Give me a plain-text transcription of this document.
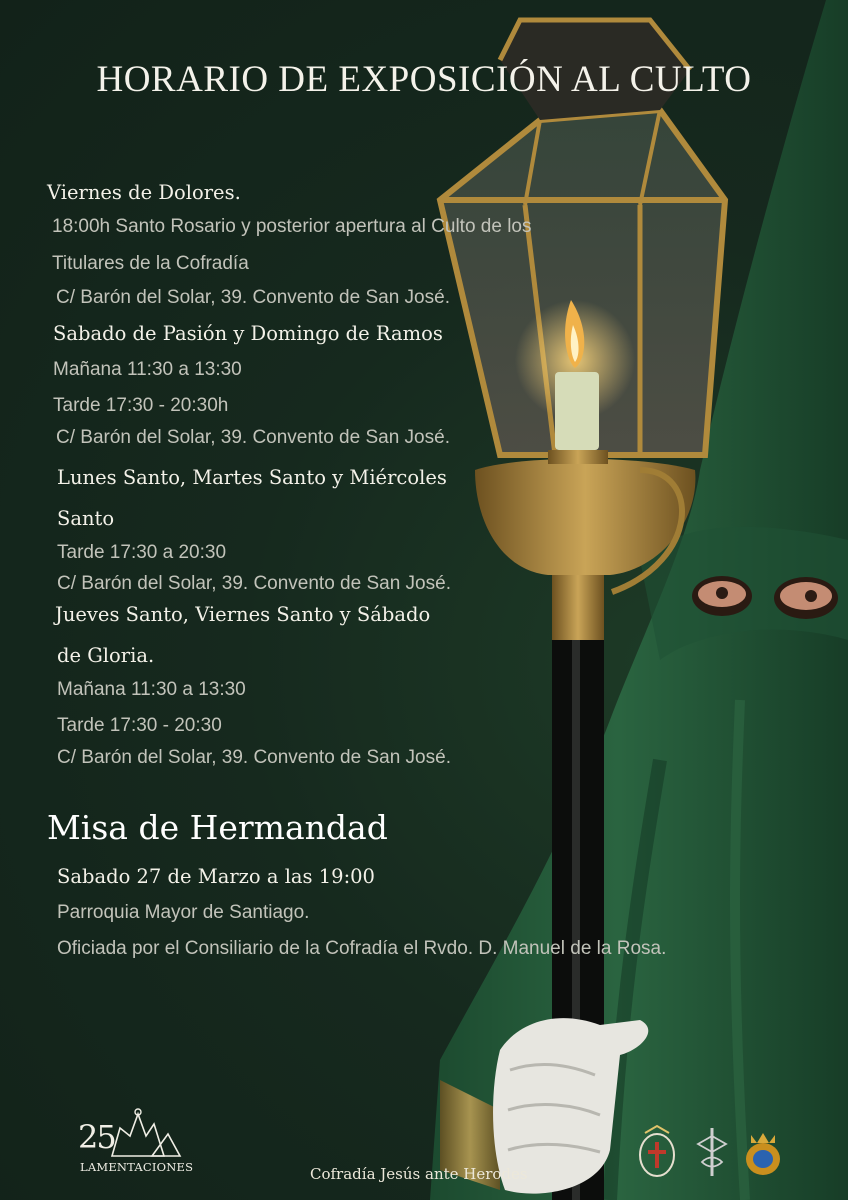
HORARIO DE EXPOSICIÓN AL CULTO
Viernes de Dolores.
18:00h Santo Rosario y posterior apertura al Culto de los
Titulares de la Cofradía
C/ Barón del Solar, 39. Convento de San José.
Sabado de Pasión y Domingo de Ramos
Mañana 11:30 a 13:30
Tarde 17:30 - 20:30h
C/ Barón del Solar, 39. Convento de San José.
Lunes Santo, Martes Santo y Miércoles
Santo
Tarde 17:30 a 20:30
C/ Barón del Solar, 39. Convento de San José.
Jueves Santo, Viernes Santo y Sábado
de Gloria.
Mañana 11:30 a 13:30
Tarde 17:30 - 20:30
C/ Barón del Solar, 39. Convento de San José.
Misa de Hermandad
Sabado 27 de Marzo a las 19:00
Parroquia Mayor de Santiago.
Oficiada por el Consiliario de la Cofradía el Rvdo. D. Manuel de la Rosa.
25
LAMENTACIONES	Cofradía Jesús ante Herodes
